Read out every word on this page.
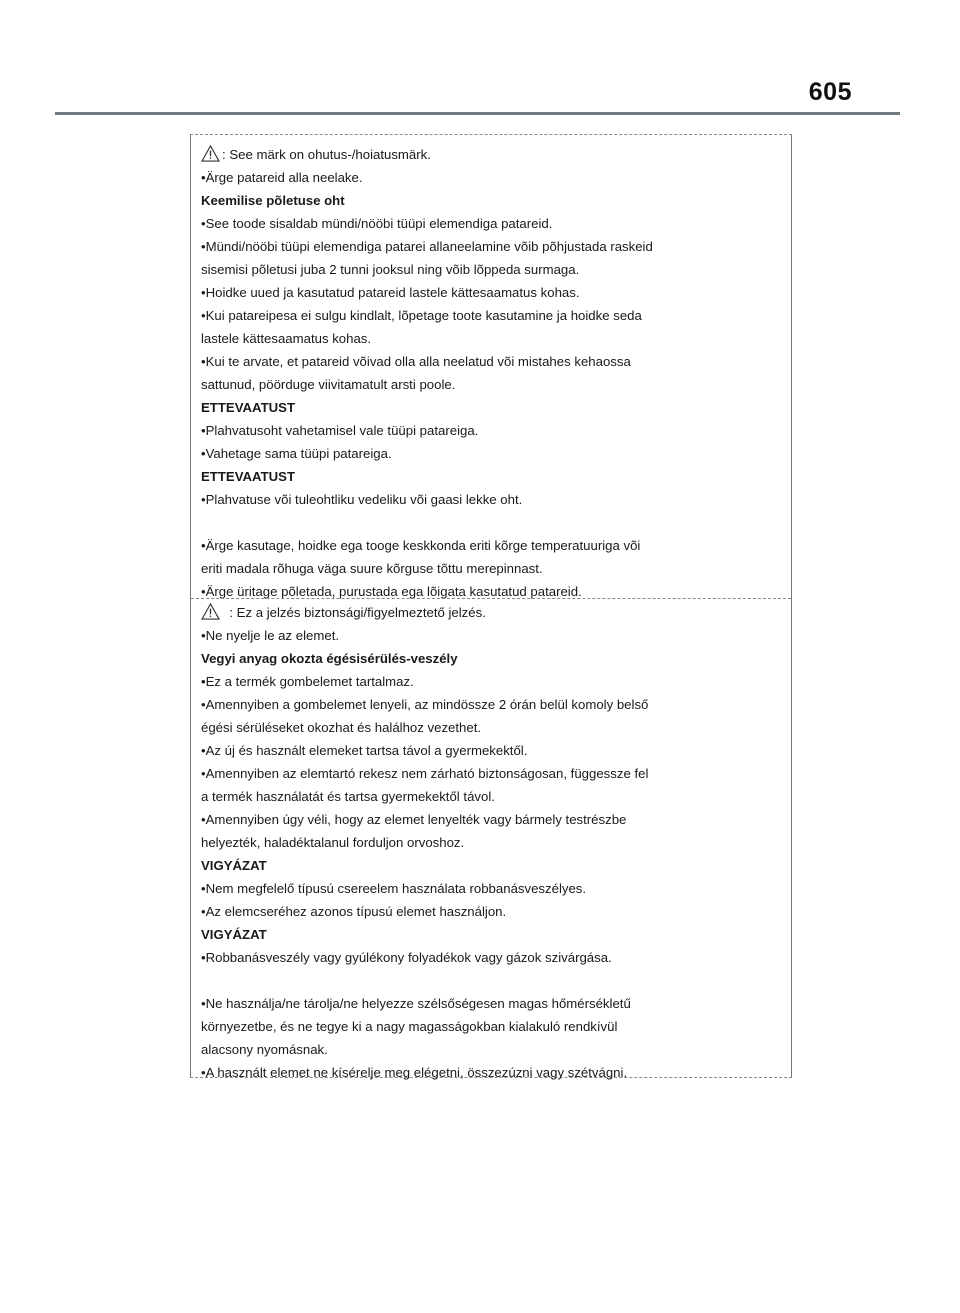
605
: See märk on ohutus-/hoiatusmärk.
•Ärge patareid alla neelake.
Keemilise põletuse oht
•See toode sisaldab mündi/nööbi tüüpi elemendiga patareid.
•Mündi/nööbi tüüpi elemendiga patarei allaneelamine võib põhjustada raskeid
sisemisi põletusi juba 2 tunni jooksul ning võib lõppeda surmaga.
•Hoidke uued ja kasutatud patareid lastele kättesaamatus kohas.
•Kui patareipesa ei sulgu kindlalt, lõpetage toote kasutamine ja hoidke seda
lastele kättesaamatus kohas.
•Kui te arvate, et patareid võivad olla alla neelatud või mistahes kehaossa
sattunud, pöörduge viivitamatult arsti poole.
ETTEVAATUST
•Plahvatusoht vahetamisel vale tüüpi patareiga.
•Vahetage sama tüüpi patareiga.
ETTEVAATUST
•Plahvatuse või tuleohtliku vedeliku või gaasi lekke oht.
•Ärge kasutage, hoidke ega tooge keskkonda eriti kõrge temperatuuriga või
eriti madala rõhuga väga suure kõrguse tõttu merepinnast.
•Ärge üritage põletada, purustada ega lõigata kasutatud patareid.
: Ez a jelzés biztonsági/figyelmeztető jelzés.
•Ne nyelje le az elemet.
Vegyi anyag okozta égésisérülés-veszély
•Ez a termék gombelemet tartalmaz.
•Amennyiben a gombelemet lenyeli, az mindössze 2 órán belül komoly belső
égési sérüléseket okozhat és halálhoz vezethet.
•Az új és használt elemeket tartsa távol a gyermekektől.
•Amennyiben az elemtartó rekesz nem zárható biztonságosan, függessze fel
a termék használatát és tartsa gyermekektől távol.
•Amennyiben úgy véli, hogy az elemet lenyelték vagy bármely testrészbe
helyezték, haladéktalanul forduljon orvoshoz.
VIGYÁZAT
•Nem megfelelő típusú csereelem használata robbanásveszélyes.
•Az elemcseréhez azonos típusú elemet használjon.
VIGYÁZAT
•Robbanásveszély vagy gyúlékony folyadékok vagy gázok szivárgása.
•Ne használja/ne tárolja/ne helyezze szélsőségesen magas hőmérsékletű
környezetbe, és ne tegye ki a nagy magasságokban kialakuló rendkívül
alacsony nyomásnak.
•A használt elemet ne kísérelje meg elégetni, összezúzni vagy szétvágni.
